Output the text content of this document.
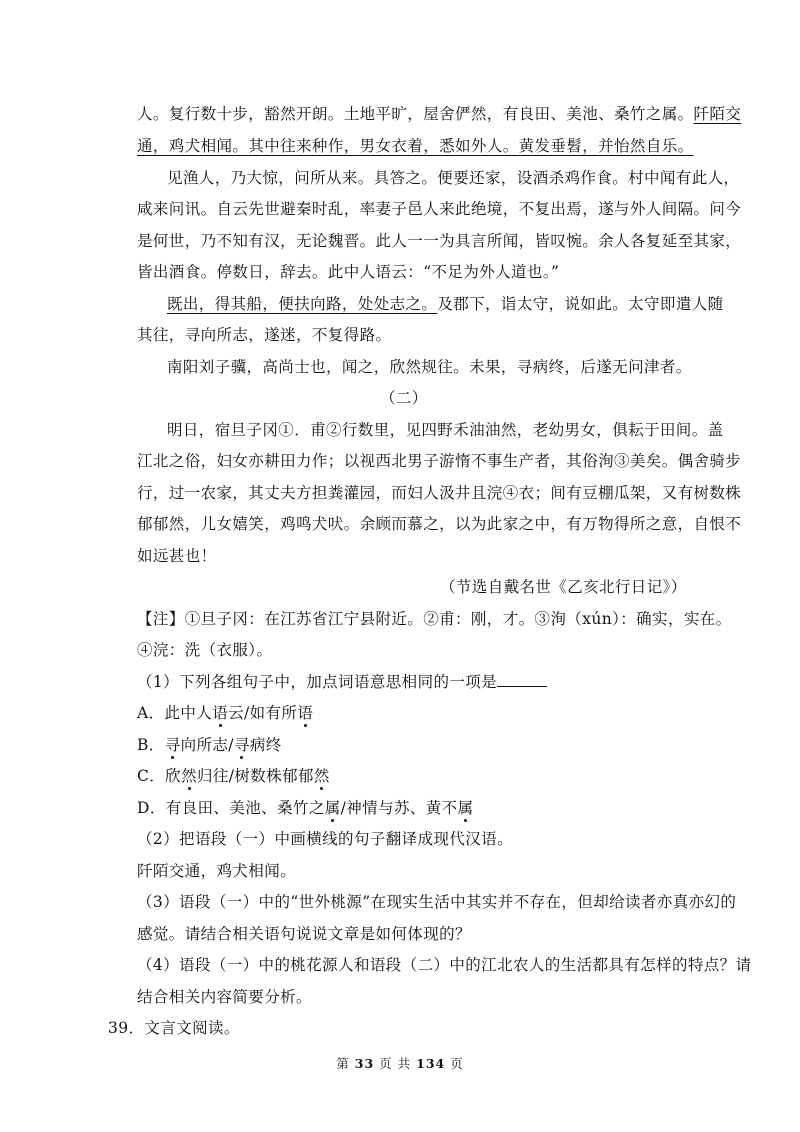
人。复行数十步，豁然开朗。土地平旷，屋舍俨然，有良田、美池、桑竹之属。阡陌交
通，鸡犬相闻。其中往来种作，男女衣着，悉如外人。黄发垂髫，并怡然自乐。
见渔人，乃大惊，问所从来。具答之。便要还家，设酒杀鸡作食。村中闻有此人，
咸来问讯。自云先世避秦时乱，率妻子邑人来此绝境，不复出焉，遂与外人间隔。问今
是何世，乃不知有汉，无论魏晋。此人一一为具言所闻，皆叹惋。余人各复延至其家，
皆出酒食。停数日，辞去。此中人语云：“不足为外人道也。”
既出，得其船，便扶向路，处处志之。及郡下，诣太守，说如此。太守即遣人随
其往，寻向所志，遂迷，不复得路。
南阳刘子骥，高尚士也，闻之，欣然规往。未果，寻病终，后遂无问津者。
（二）
明日，宿旦子冈①．甫②行数里，见四野禾油油然，老幼男女，俱耘于田间。盖
江北之俗，妇女亦耕田力作；以视西北男子游惰不事生产者，其俗洵③美矣。偶舍骑步
行，过一农家，其丈夫方担粪灌园，而妇人汲井且浣④衣；间有豆棚瓜架，又有树数株
郁郁然，儿女嬉笑，鸡鸣犬吠。余顾而慕之，以为此家之中，有万物得所之意，自恨不
如远甚也！
（节选自戴名世《乙亥北行日记》）
【注】①旦子冈：在江苏省江宁县附近。②甫：刚，才。③洵（xún）：确实，实在。
④浣：洗（衣服）。
（1）下列各组句子中，加点词语意思相同的一项是
A．此中人语云/如有所语
B．寻向所志/寻病终
C．欣然归往/树数株郁郁然
D．有良田、美池、桑竹之属/神情与苏、黄不属
（2）把语段（一）中画横线的句子翻译成现代汉语。
阡陌交通，鸡犬相闻。
（3）语段（一）中的“世外桃源”在现实生活中其实并不存在，但却给读者亦真亦幻的
感觉。请结合相关语句说说文章是如何体现的？
（4）语段（一）中的桃花源人和语段（二）中的江北农人的生活都具有怎样的特点？请
结合相关内容简要分析。
39．文言文阅读。
第 33 页 共 134 页
